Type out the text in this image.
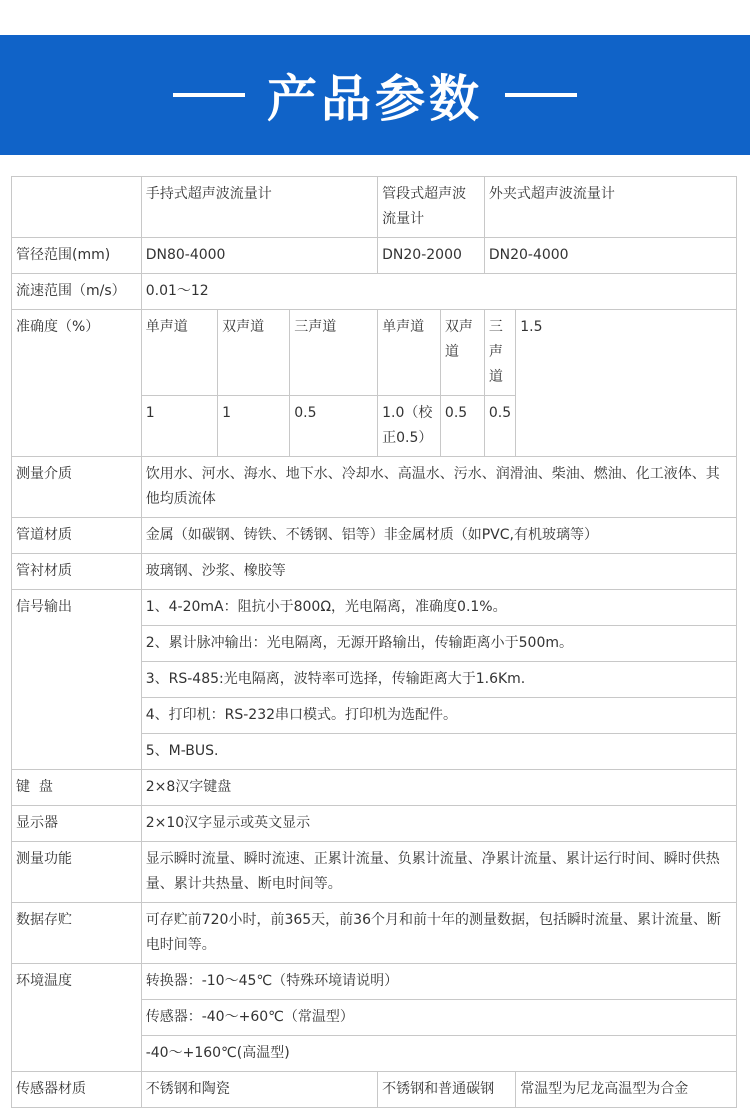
产品参数
	手持式超声波流量计			管段式超声波流量计		外夹式超声波流量计	
管径范围(mm)	DN80-4000			DN20-2000		DN20-4000	
流速范围（m/s）	0.01～12						
准确度（%）	单声道	双声道	三声道	单声道	双声道	三声道	1.5
	1	1	0.5	1.0（校正0.5）	0.5	0.5	
测量介质	饮用水、河水、海水、地下水、冷却水、高温水、污水、润滑油、柴油、燃油、化工液体、其他均质流体						
管道材质	金属（如碳钢、铸铁、不锈钢、铝等）非金属材质（如PVC,有机玻璃等）						
管衬材质	玻璃钢、沙浆、橡胶等						
信号输出	1、4-20mA：阻抗小于800Ω，光电隔离，准确度0.1%。						
	2、累计脉冲输出：光电隔离，无源开路输出，传输距离小于500m。						
	3、RS-485:光电隔离，波特率可选择，传输距离大于1.6Km.						
	4、打印机：RS-232串口模式。打印机为选配件。						
	5、M-BUS.						
键  盘	2×8汉字键盘						
显示器	2×10汉字显示或英文显示						
测量功能	显示瞬时流量、瞬时流速、正累计流量、负累计流量、净累计流量、累计运行时间、瞬时供热量、累计共热量、断电时间等。						
数据存贮	可存贮前720小时，前365天，前36个月和前十年的测量数据，包括瞬时流量、累计流量、断电时间等。						
环境温度	转换器：-10～45℃（特殊环境请说明）						
	传感器：-40～+60℃（常温型）						
	-40～+160℃(高温型)						
传感器材质	不锈钢和陶瓷			不锈钢和普通碳钢			常温型为尼龙高温型为合金
